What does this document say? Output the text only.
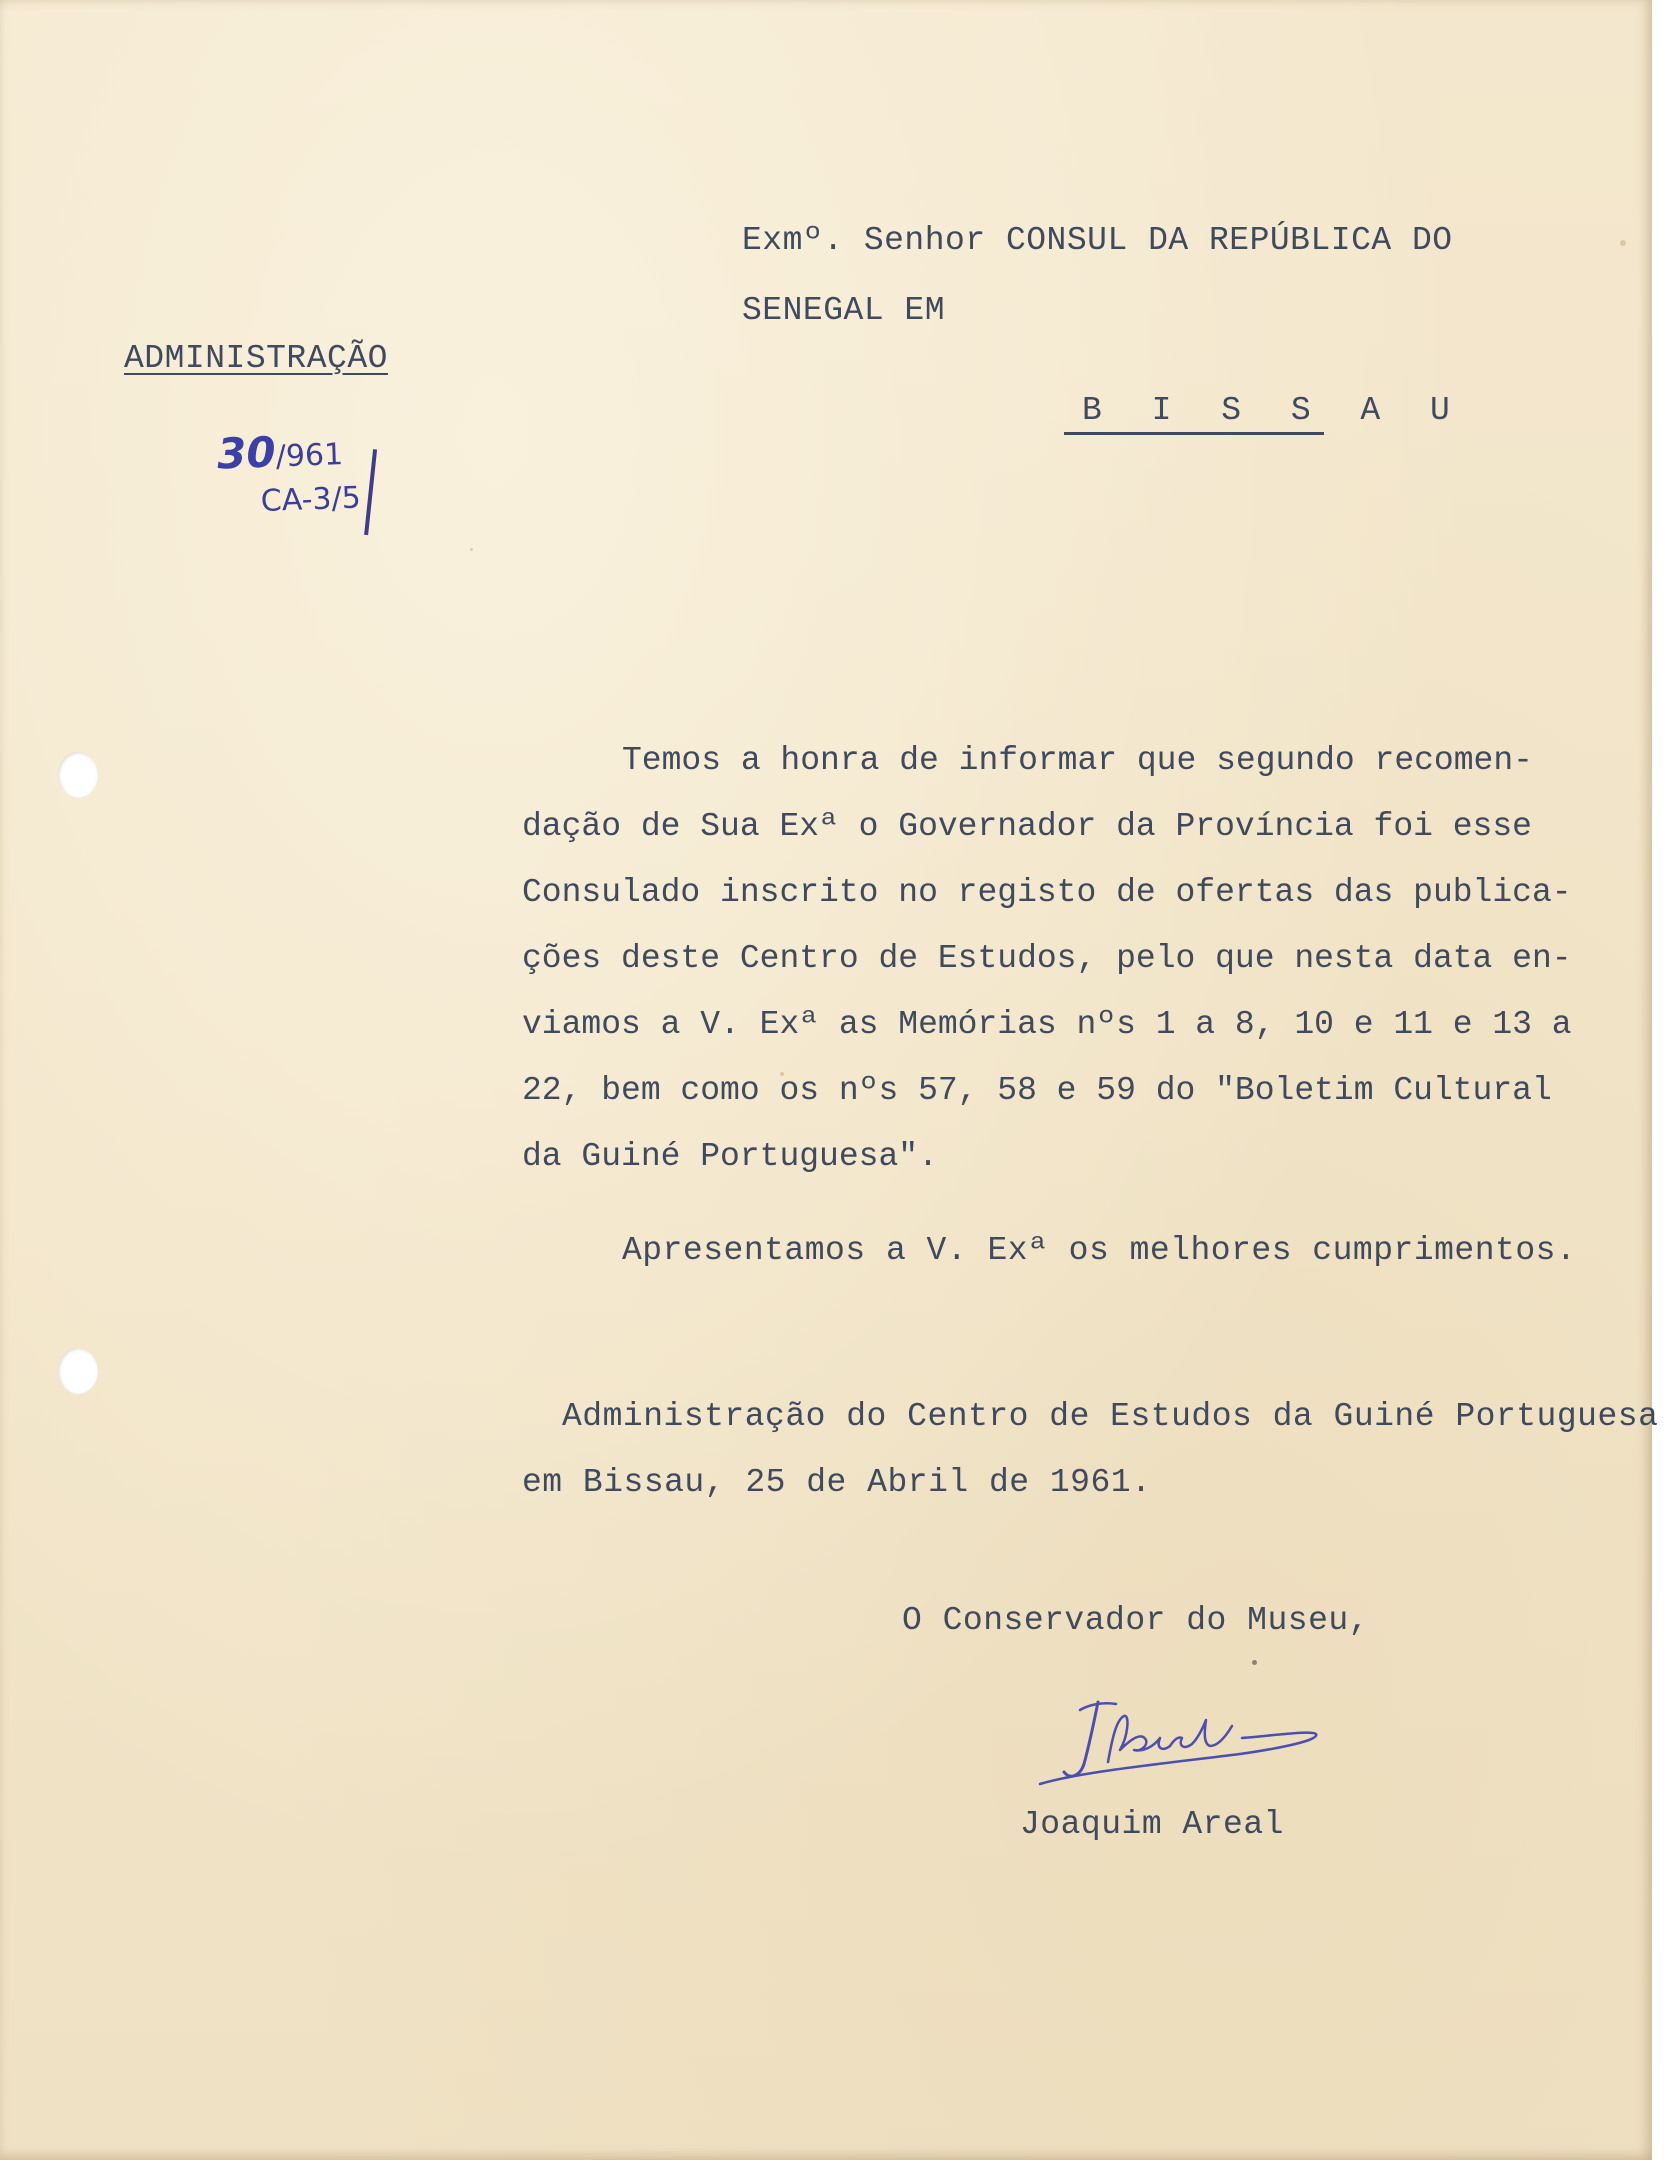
Exmº. Senhor CONSUL DA REPÚBLICA DO
SENEGAL EM
ADMINISTRAÇÃO
B I S S A U
30/961
CA-3/5
Temos a honra de informar que segundo recomen-
dação de Sua Exª o Governador da Província foi esse
Consulado inscrito no registo de ofertas das publica-
ções deste Centro de Estudos, pelo que nesta data en-
viamos a V. Exª as Memórias nºs 1 a 8, 10 e 11 e 13 a
22, bem como os nºs 57, 58 e 59 do "Boletim Cultural
da Guiné Portuguesa".
Apresentamos a V. Exª os melhores cumprimentos.
Administração do Centro de Estudos da Guiné Portuguesa
em Bissau, 25 de Abril de 1961.
O Conservador do Museu,
Joaquim Areal
